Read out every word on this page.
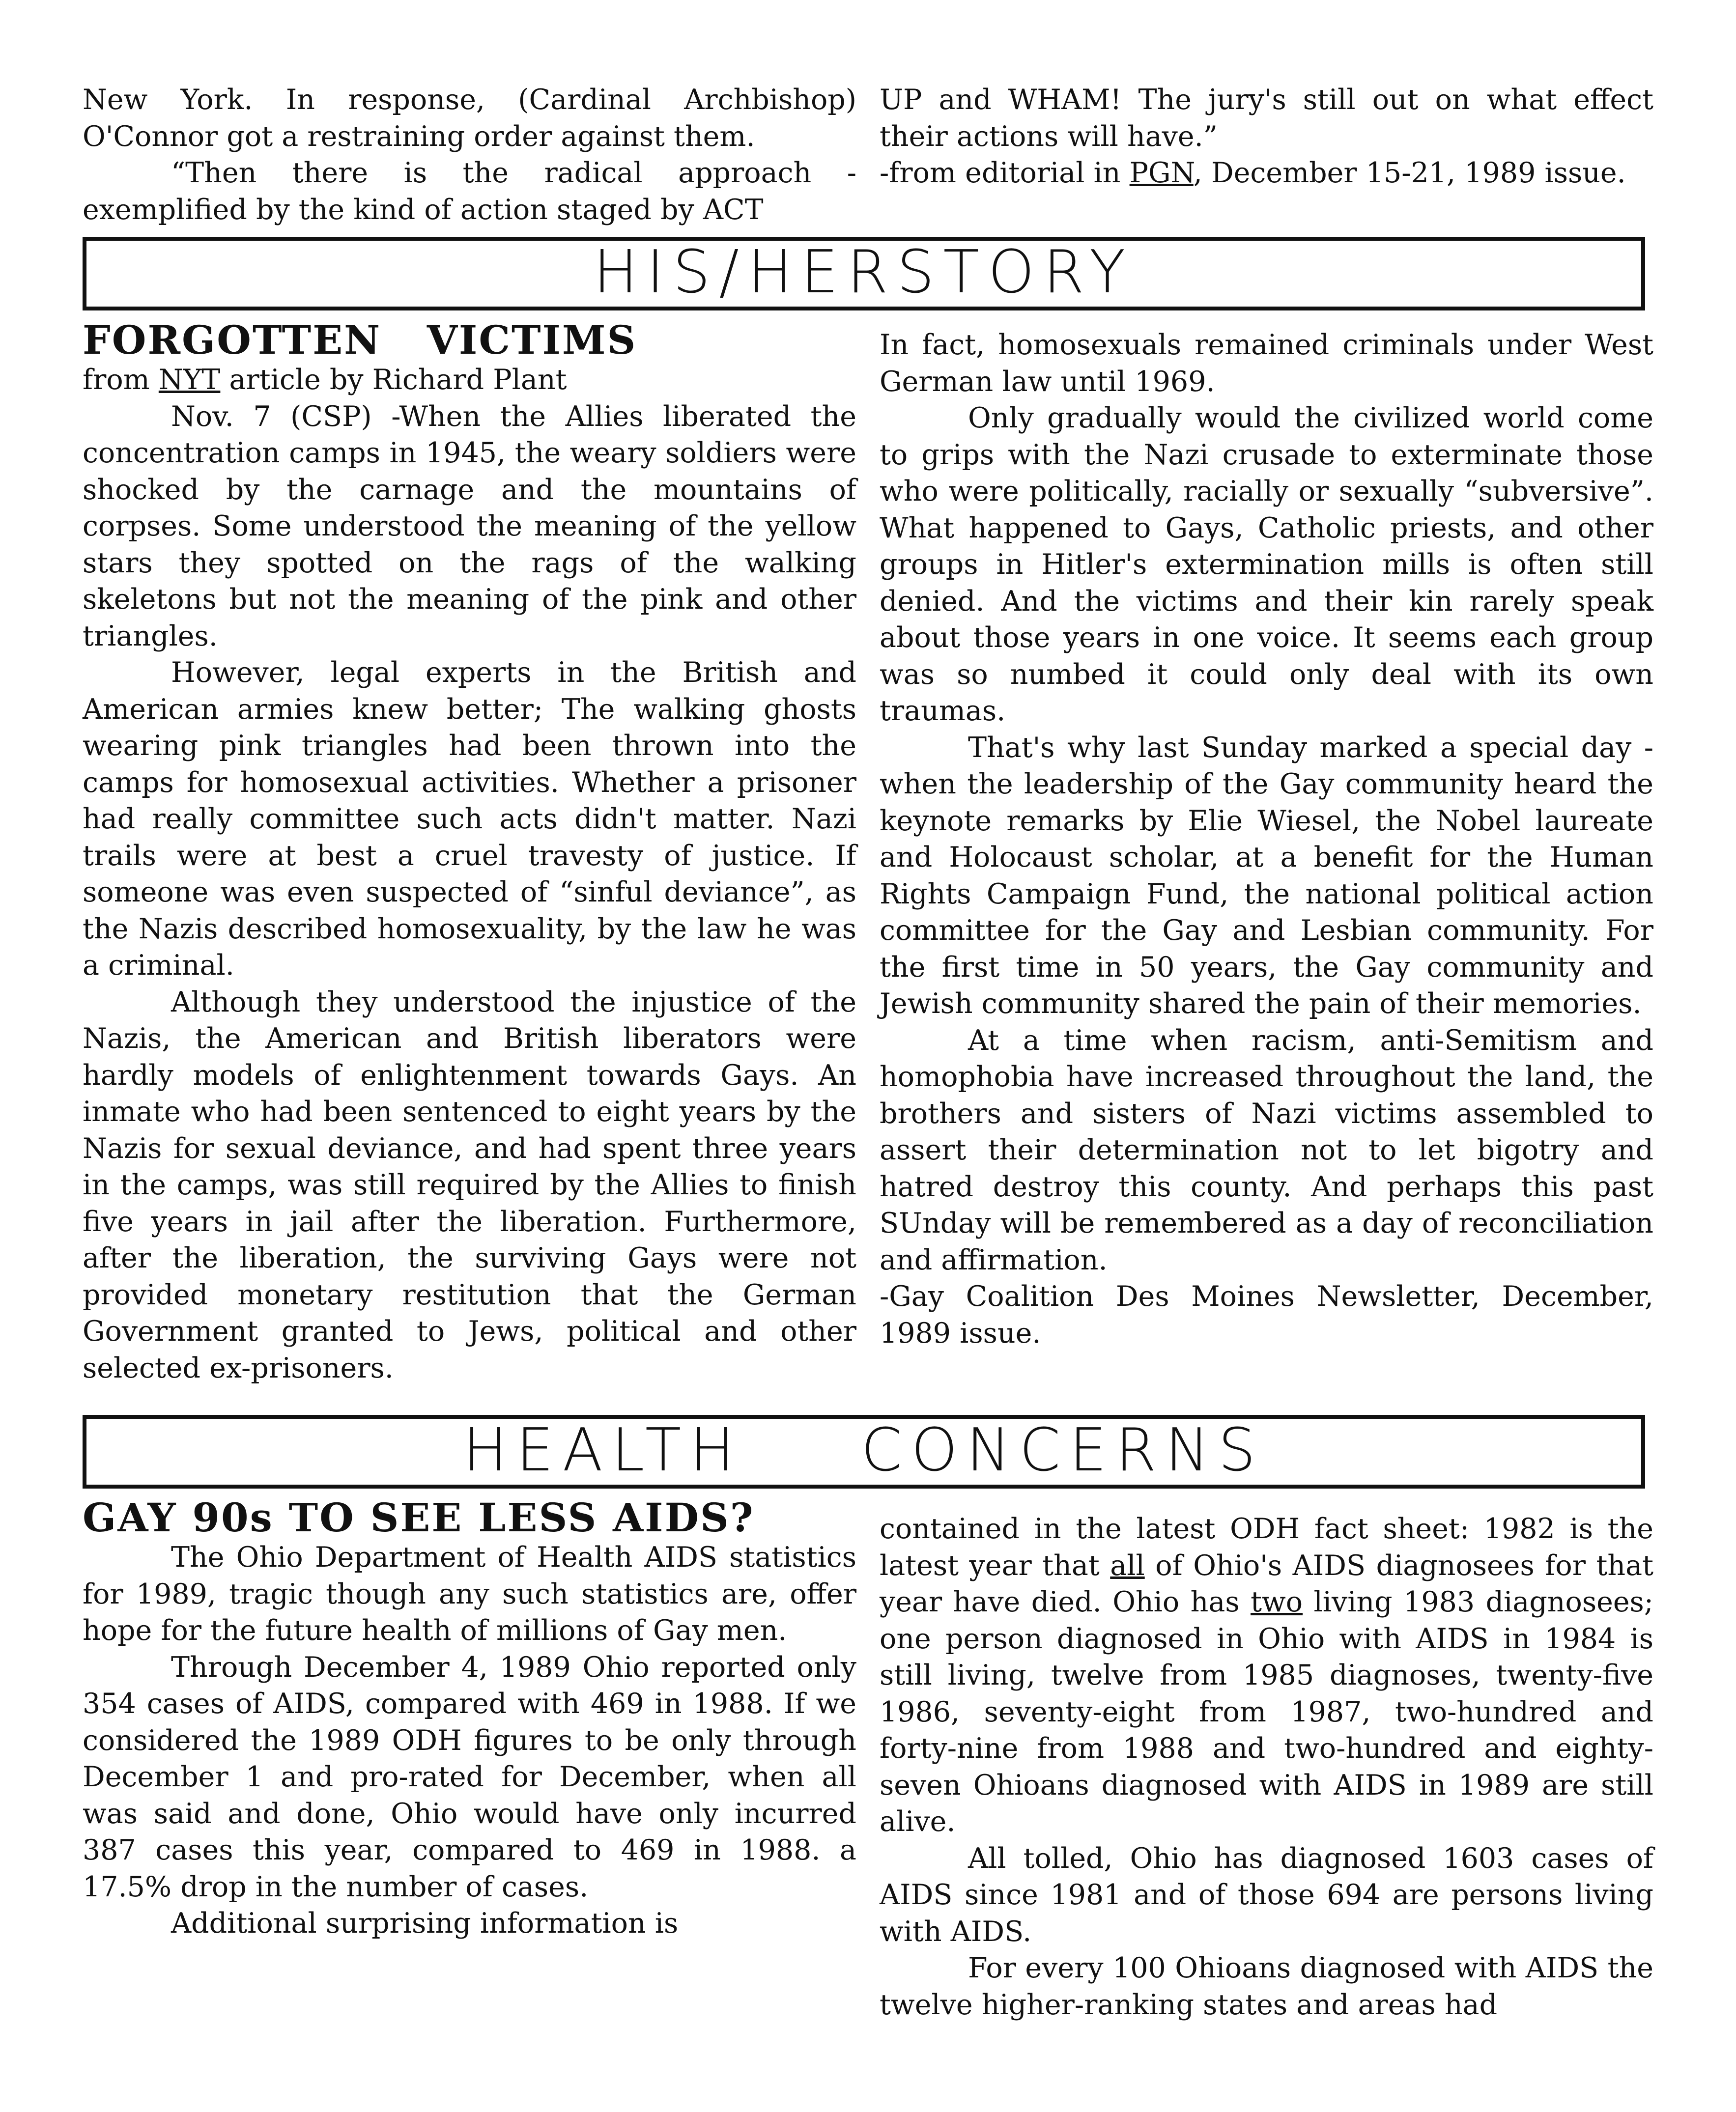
New York. In response, (Cardinal Archbishop) O'Connor got a restraining order against them.

“Then there is the radical approach - exemplified by the kind of action staged by ACT

UP and WHAM! The jury's still out on what effect their actions will have.”

-from editorial in PGN, December 15-21, 1989 issue.

HIS/HERSTORY
FORGOTTEN   VICTIMS

from NYT article by Richard Plant

Nov. 7 (CSP) -When the Allies liberated the concentration camps in 1945, the weary soldiers were shocked by the carnage and the mountains of corpses. Some understood the meaning of the yellow stars they spotted on the rags of the walking skeletons but not the meaning of the pink and other triangles.

However, legal experts in the British and American armies knew better; The walking ghosts wearing pink triangles had been thrown into the camps for homosexual activities. Whether a prisoner had really committee such acts didn't matter. Nazi trails were at best a cruel travesty of justice. If someone was even suspected of “sinful deviance”, as the Nazis described homosexuality, by the law he was a criminal.

Although they understood the injustice of the Nazis, the American and British liberators were hardly models of enlightenment towards Gays. An inmate who had been sentenced to eight years by the Nazis for sexual deviance, and had spent three years in the camps, was still required by the Allies to finish five years in jail after the liberation. Furthermore, after the liberation, the surviving Gays were not provided monetary restitution that the German Government granted to Jews, political and other selected ex-prisoners.

In fact, homosexuals remained criminals under West German law until 1969.

Only gradually would the civilized world come to grips with the Nazi crusade to exterminate those who were politically, racially or sexually “subversive”. What happened to Gays, Catholic priests, and other groups in Hitler's extermination mills is often still denied. And the victims and their kin rarely speak about those years in one voice. It seems each group was so numbed it could only deal with its own traumas.

That's why last Sunday marked a special day - when the leadership of the Gay community heard the keynote remarks by Elie Wiesel, the Nobel laureate and Holocaust scholar, at a benefit for the Human Rights Campaign Fund, the national political action committee for the Gay and Lesbian community. For the first time in 50 years, the Gay community and Jewish community shared the pain of their memories.

At a time when racism, anti-Semitism and homophobia have increased throughout the land, the brothers and sisters of Nazi victims assembled to assert their determination not to let bigotry and hatred destroy this county. And perhaps this past SUnday will be remembered as a day of reconciliation and affirmation.

-Gay Coalition Des Moines Newsletter, December, 1989 issue.

HEALTH CONCERNS
GAY 90s TO SEE LESS AIDS?

The Ohio Department of Health AIDS statistics for 1989, tragic though any such statistics are, offer hope for the future health of millions of Gay men.

Through December 4, 1989 Ohio reported only 354 cases of AIDS, compared with 469 in 1988. If we considered the 1989 ODH figures to be only through December 1 and pro-rated for December, when all was said and done, Ohio would have only incurred 387 cases this year, compared to 469 in 1988. a 17.5% drop in the number of cases.

Additional surprising information is

contained in the latest ODH fact sheet: 1982 is the latest year that all of Ohio's AIDS diagnosees for that year have died. Ohio has two living 1983 diagnosees; one person diagnosed in Ohio with AIDS in 1984 is still living, twelve from 1985 diagnoses, twenty-five 1986, seventy-eight from 1987, two-hundred and forty-nine from 1988 and two-hundred and eighty-seven Ohioans diagnosed with AIDS in 1989 are still alive.

All tolled, Ohio has diagnosed 1603 cases of AIDS since 1981 and of those 694 are persons living with AIDS.

For every 100 Ohioans diagnosed with AIDS the twelve higher-ranking states and areas had
